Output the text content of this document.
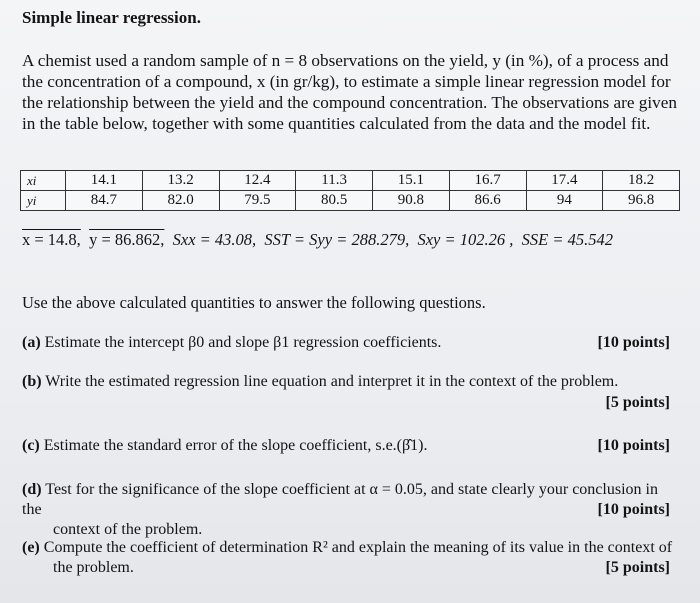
Simple linear regression.
A chemist used a random sample of n = 8 observations on the yield, y (in %), of a process and the concentration of a compound, x (in gr/kg), to estimate a simple linear regression model for the relationship between the yield and the compound concentration. The observations are given in the table below, together with some quantities calculated from the data and the model fit.
xi	14.1	13.2	12.4	11.3	15.1	16.7	17.4	18.2
yi	84.7	82.0	79.5	80.5	90.8	86.6	94	96.8
x = 14.8, y = 86.862, Sxx = 43.08, SST = Syy = 288.279, Sxy = 102.26 , SSE = 45.542
Use the above calculated quantities to answer the following questions.
(a) Estimate the intercept β0 and slope β1 regression coefficients.	[10 points]
(b) Write the estimated regression line equation and interpret it in the context of the problem.
[5 points]
(c) Estimate the standard error of the slope coefficient, s.e.(β̂1).	[10 points]
(d) Test for the significance of the slope coefficient at α = 0.05, and state clearly your conclusion in the
context of the problem.
[10 points]
(e) Compute the coefficient of determination R² and explain the meaning of its value in the context of
the problem.	[5 points]
